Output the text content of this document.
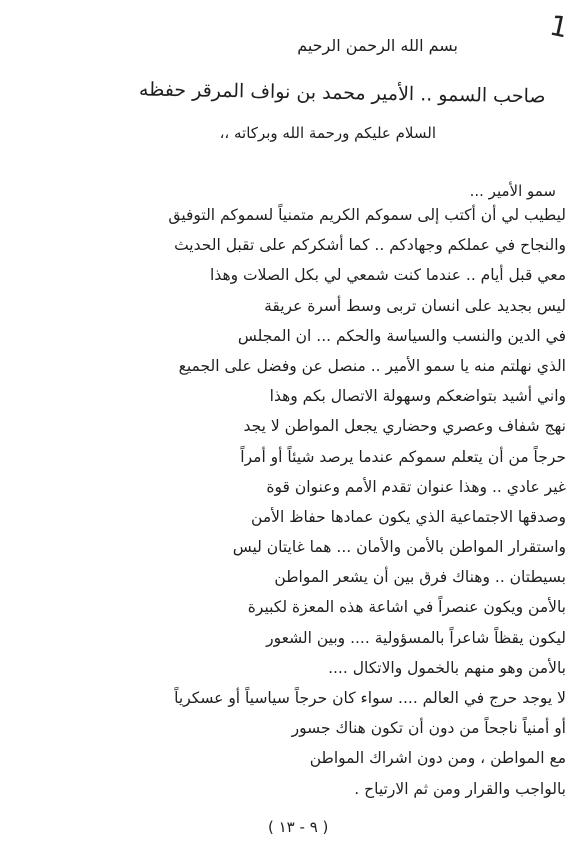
1
بسم الله الرحمن الرحيم
صاحب السمو .. الأمير محمد بن نواف المرقر حفظه
السلام عليكم ورحمة الله وبركاته ،،
سمو الأمير ...
ليطيب لي أن أكتب إلى سموكم الكريم متمنياً لسموكم التوفيق
والنجاح في عملكم وجهادكم .. كما أشكركم على تقبل الحديث
معي قبل أيام .. عندما كنت شمعي لي بكل الصلات وهذا
ليس بجديد على انسان تربى وسط أسرة عريقة
في الدين والنسب والسياسة والحكم ... ان المجلس
الذي نهلتم منه يا سمو الأمير .. منصل عن وفضل على الجميع
واني أشيد بتواضعكم وسهولة الاتصال بكم وهذا
نهج شفاف وعصري وحضاري يجعل المواطن لا يجد
حرجاً من أن يتعلم سموكم عندما يرصد شيئاً أو أمراً
غير عادي .. وهذا عنوان تقدم الأمم وعنوان قوة
وصدقها الاجتماعية الذي يكون عمادها حفاظ الأمن
واستقرار المواطن بالأمن والأمان ... هما غايتان ليس
بسيطتان .. وهناك فرق بين أن يشعر المواطن
بالأمن ويكون عنصراً في اشاعة هذه المعزة لكبيرة
ليكون يقظاً شاعراً بالمسؤولية .... وبين الشعور
بالأمن وهو منهم بالخمول والاتكال ....
لا يوجد حرج في العالم .... سواء كان حرجاً سياسياً أو عسكرياً
أو أمنياً ناجحاً من دون أن تكون هناك جسور
مع المواطن ، ومن دون اشراك المواطن
بالواجب والقرار ومن ثم الارتياح .
( ٩ - ١٣ )
